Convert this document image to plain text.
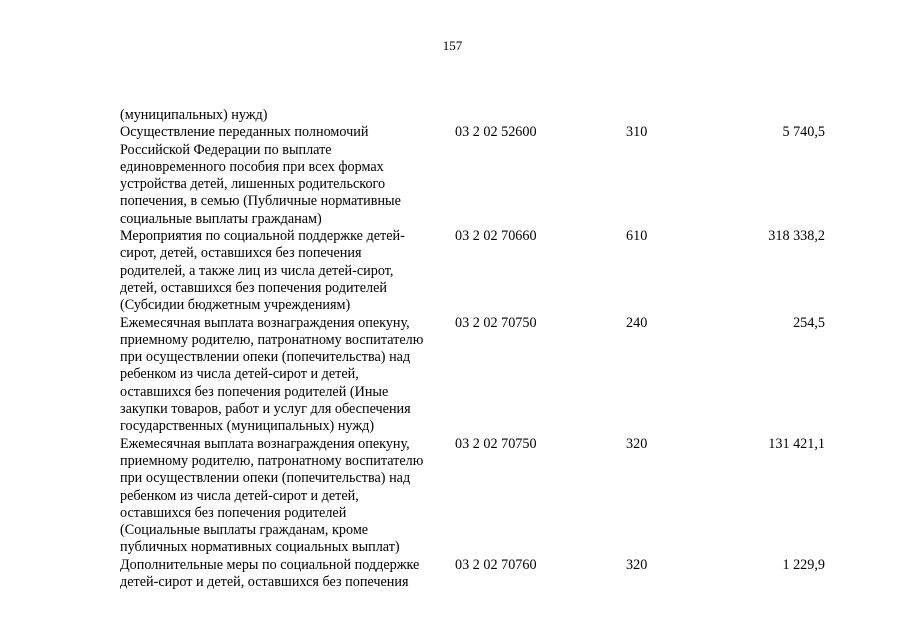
157
(муниципальных) нужд)
Осуществление переданных полномочий
Российской Федерации по выплате
единовременного пособия при всех формах
устройства детей, лишенных родительского
попечения, в семью (Публичные нормативные
социальные выплаты гражданам)
03 2 02 52600	310	5 740,5
Мероприятия по социальной поддержке детей-
сирот, детей, оставшихся без попечения
родителей, а также лиц из числа детей-сирот,
детей, оставшихся без попечения родителей
(Субсидии бюджетным учреждениям)
03 2 02 70660	610	318 338,2
Ежемесячная выплата вознаграждения опекуну,
приемному родителю, патронатному воспитателю
при осуществлении опеки (попечительства) над
ребенком из числа детей-сирот и детей,
оставшихся без попечения родителей (Иные
закупки товаров, работ и услуг для обеспечения
государственных (муниципальных) нужд)
03 2 02 70750	240	254,5
Ежемесячная выплата вознаграждения опекуну,
приемному родителю, патронатному воспитателю
при осуществлении опеки (попечительства) над
ребенком из числа детей-сирот и детей,
оставшихся без попечения родителей
(Социальные выплаты гражданам, кроме
публичных нормативных социальных выплат)
03 2 02 70750	320	131 421,1
Дополнительные меры по социальной поддержке
детей-сирот и детей, оставшихся без попечения
03 2 02 70760	320	1 229,9
